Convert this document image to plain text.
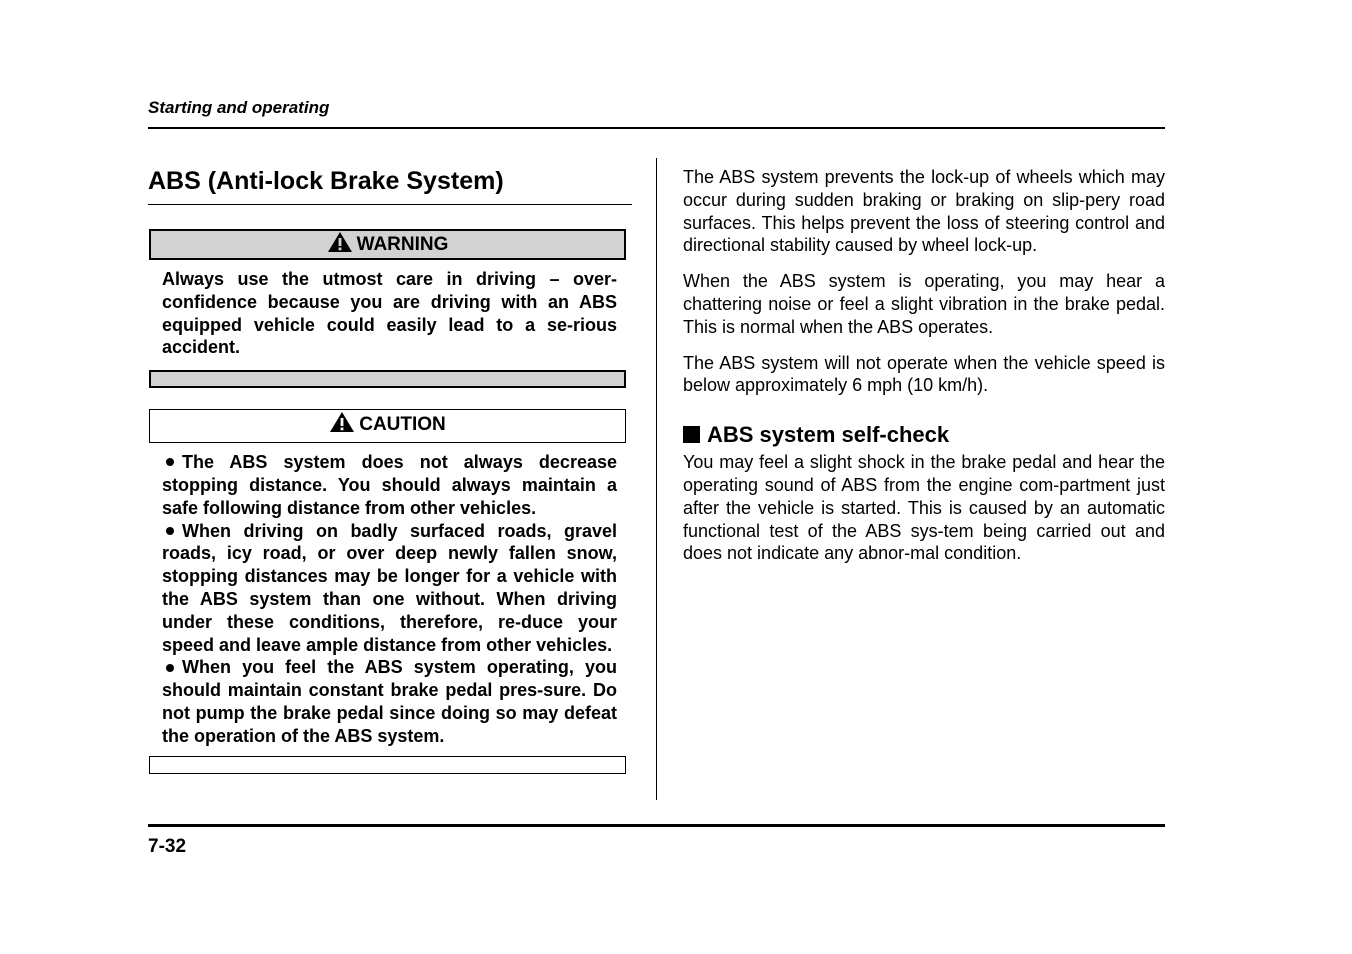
Starting and operating
ABS (Anti-lock Brake System)
WARNING
Always use the utmost care in driving – over-confidence because you are driving with an ABS equipped vehicle could easily lead to a se-rious accident.
CAUTION

The ABS system does not always decrease stopping distance. You should always maintain a safe following distance from other vehicles.

When driving on badly surfaced roads, gravel roads, icy road, or over deep newly fallen snow, stopping distances may be longer for a vehicle with the ABS system than one without. When driving under these conditions, therefore, re-duce your speed and leave ample distance from other vehicles.

When you feel the ABS system operating, you should maintain constant brake pedal pres-sure. Do not pump the brake pedal since doing so may defeat the operation of the ABS system.

The ABS system prevents the lock-up of wheels which may occur during sudden braking or braking on slip-pery road surfaces. This helps prevent the loss of steering control and directional stability caused by wheel lock-up.

When the ABS system is operating, you may hear a chattering noise or feel a slight vibration in the brake pedal. This is normal when the ABS operates.

The ABS system will not operate when the vehicle speed is below approximately 6 mph (10 km/h).

ABS system self-check

You may feel a slight shock in the brake pedal and hear the operating sound of ABS from the engine com-partment just after the vehicle is started. This is caused by an automatic functional test of the ABS sys-tem being carried out and does not indicate any abnor-mal condition.

7-32
